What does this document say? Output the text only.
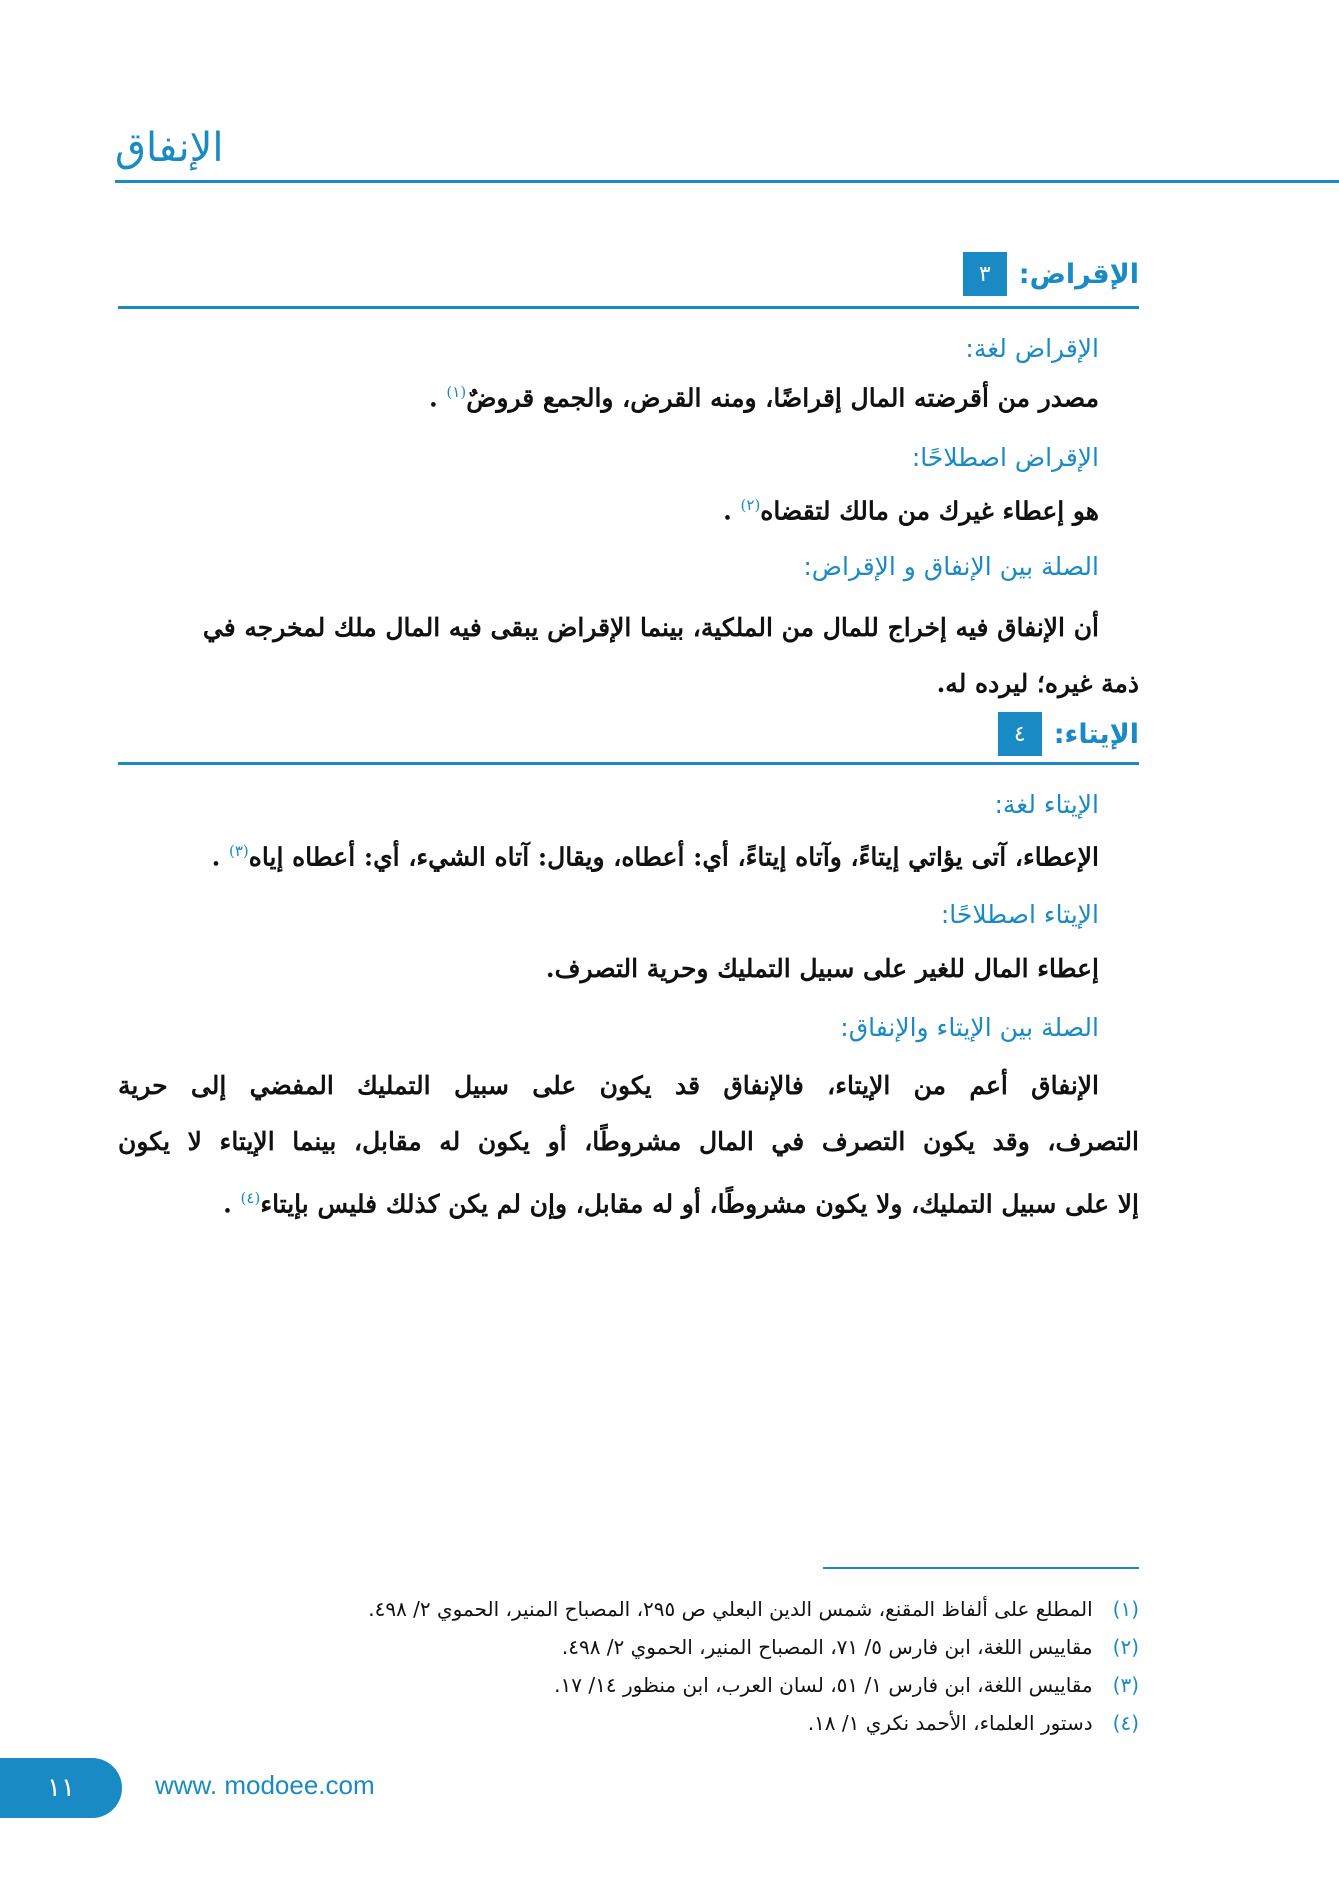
الإنفاق
٣	الإقراض:
الإقراض لغة:
مصدر من أقرضته المال إقراضًا، ومنه القرض، والجمع قروضٌ$^{(١)}$ .
الإقراض اصطلاحًا:
هو إعطاء غيرك من مالك لتقضاه$^{(٢)}$ .
الصلة بين الإنفاق و الإقراض:
أن الإنفاق فيه إخراج للمال من الملكية، بينما الإقراض يبقى فيه المال ملك لمخرجه في
ذمة غيره؛ ليرده له.
٤	الإيتاء:
الإيتاء لغة:
الإعطاء، آتى يؤاتي إيتاءً، وآتاه إيتاءً، أي: أعطاه، ويقال: آتاه الشيء، أي: أعطاه إياه$^{(٣)}$ .
الإيتاء اصطلاحًا:
إعطاء المال للغير على سبيل التمليك وحرية التصرف.
الصلة بين الإيتاء والإنفاق:
الإنفاق أعم من الإيتاء، فالإنفاق قد يكون على سبيل التمليك المفضي إلى حرية
التصرف، وقد يكون التصرف في المال مشروطًا، أو يكون له مقابل، بينما الإيتاء لا يكون
إلا على سبيل التمليك، ولا يكون مشروطًا، أو له مقابل، وإن لم يكن كذلك فليس بإيتاء$^{(٤)}$ .
(١) المطلع على ألفاظ المقنع، شمس الدين البعلي ص ٢٩٥، المصباح المنير، الحموي ٢/ ٤٩٨.
(٢) مقاييس اللغة، ابن فارس ٥/ ٧١، المصباح المنير، الحموي ٢/ ٤٩٨.
(٣) مقاييس اللغة، ابن فارس ١/ ٥١، لسان العرب، ابن منظور ١٤/ ١٧.
(٤) دستور العلماء، الأحمد نكري ١/ ١٨.
١١	www. modoee.com
